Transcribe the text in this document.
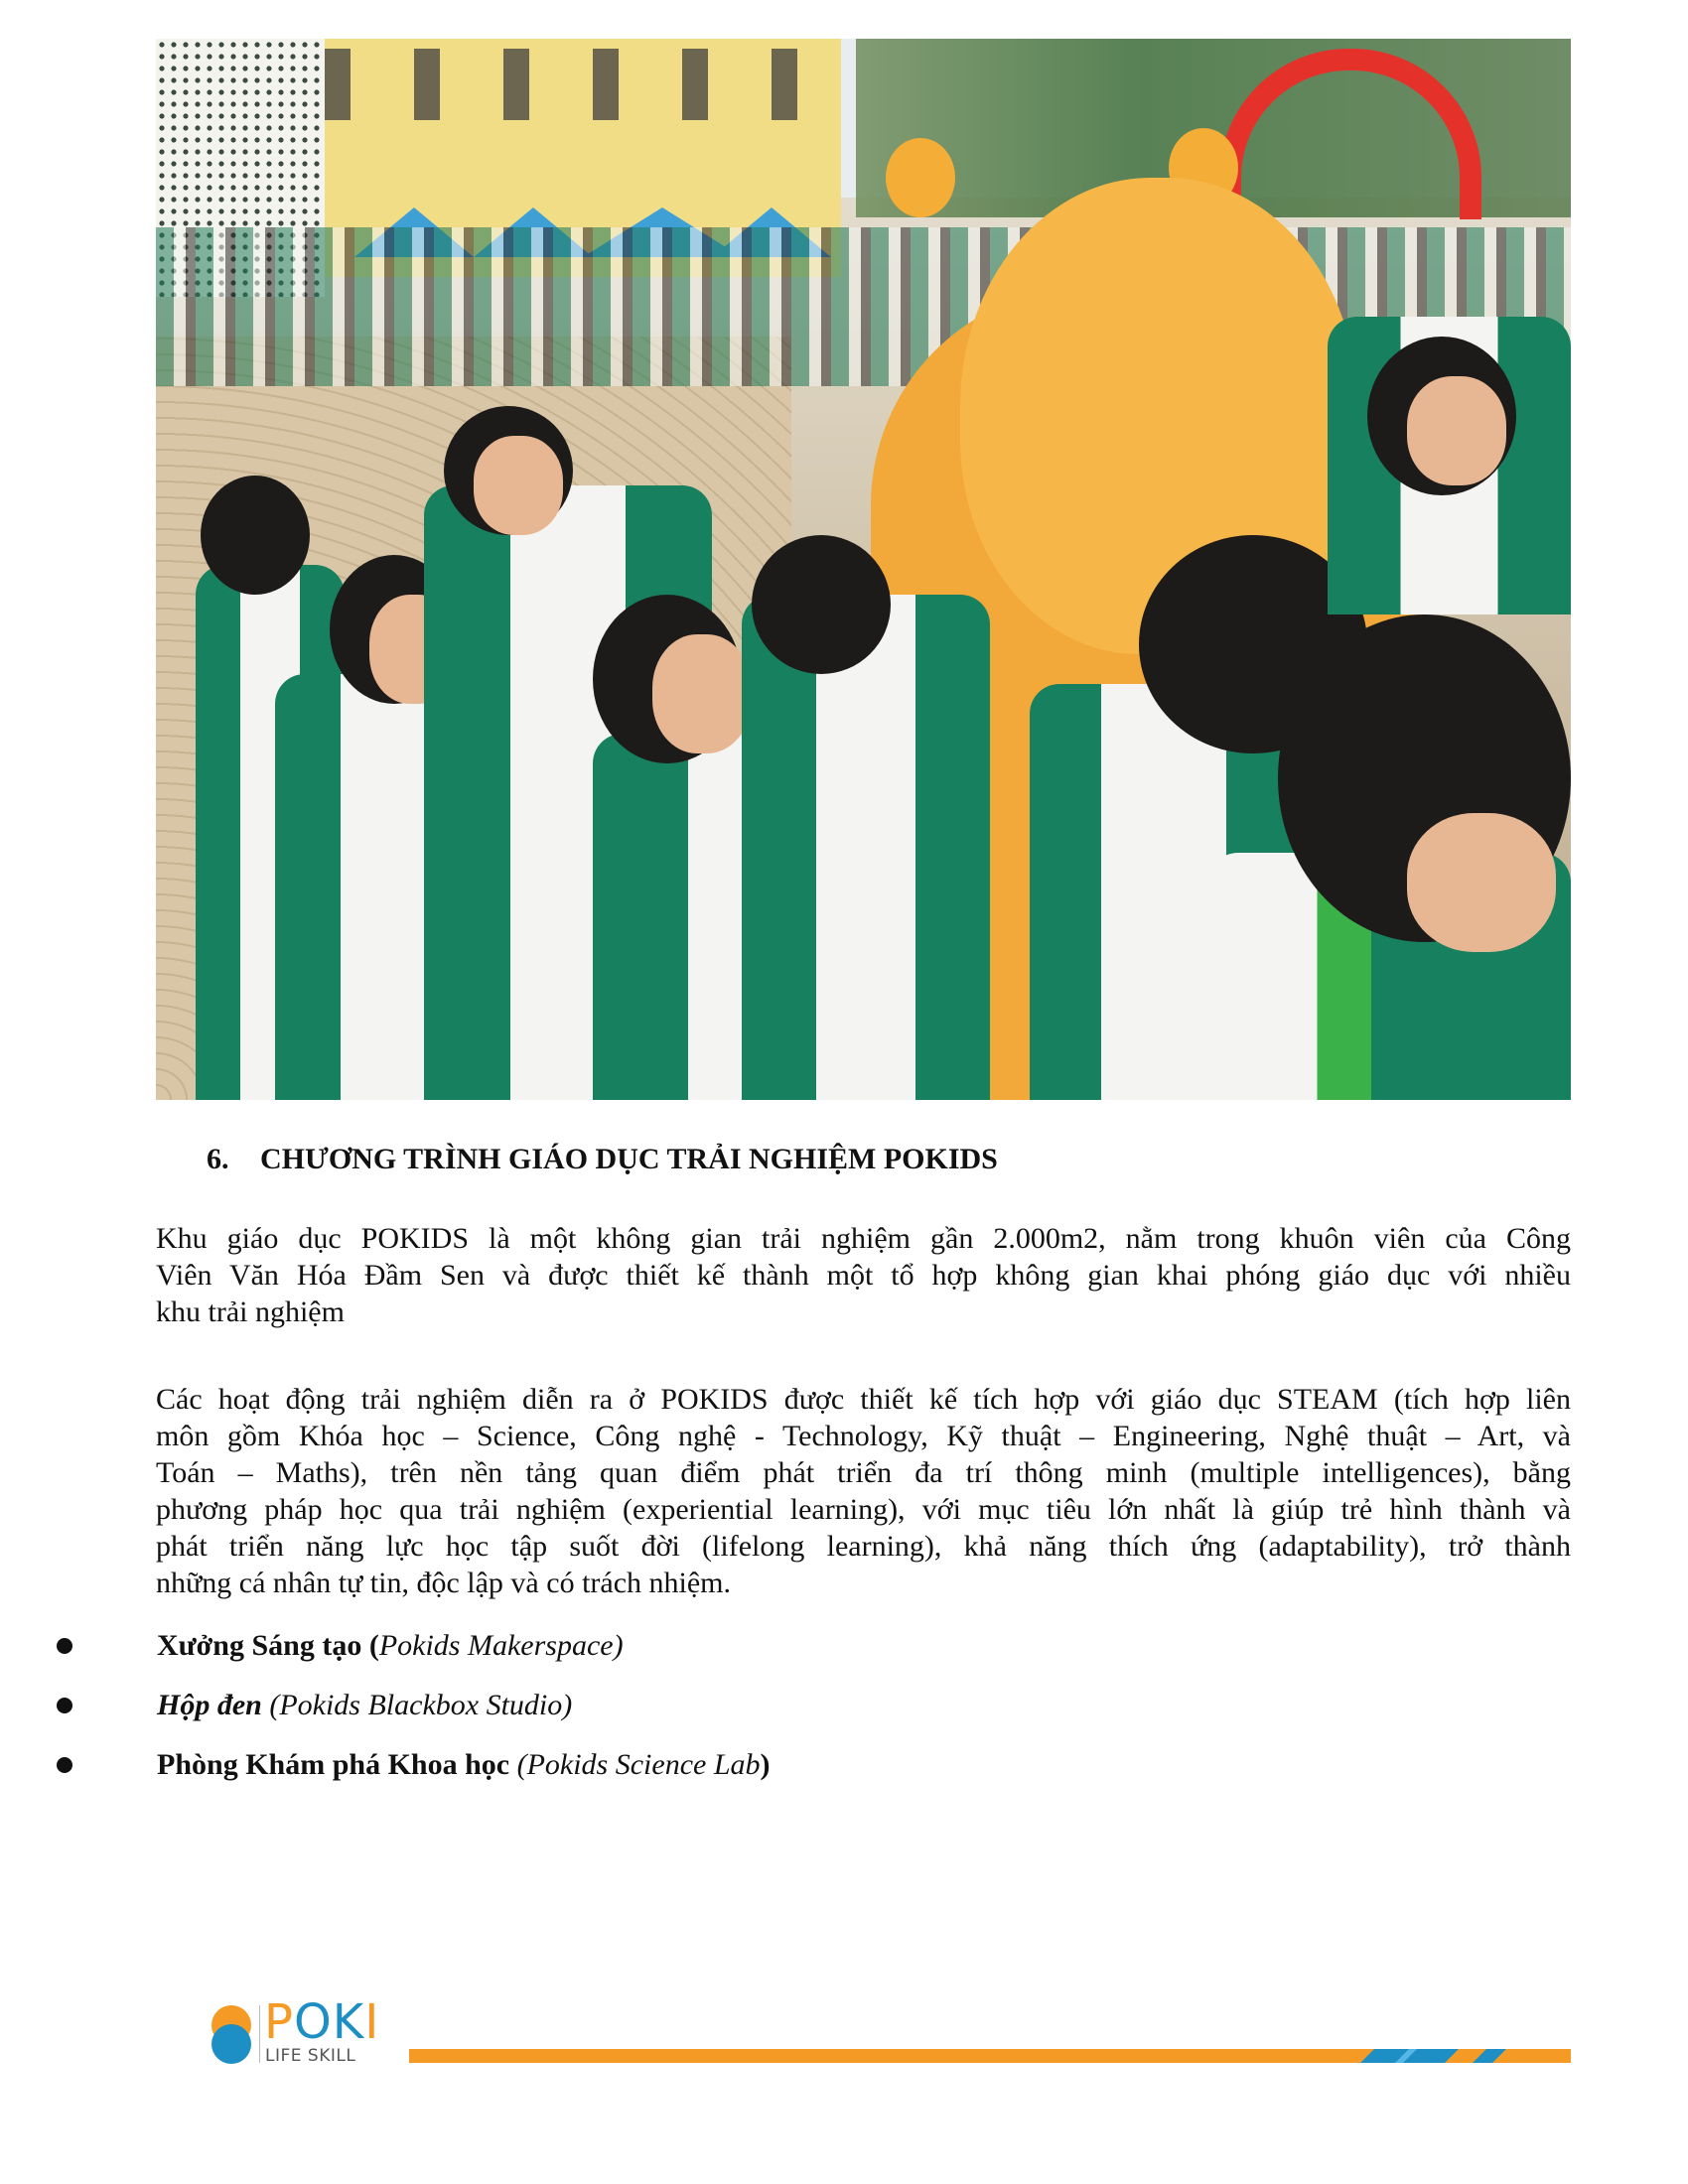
6. CHƯƠNG TRÌNH GIÁO DỤC TRẢI NGHIỆM POKIDS
Khu giáo dục POKIDS là một không gian trải nghiệm gần 2.000m2, nằm trong khuôn viên của Công
Viên Văn Hóa Đầm Sen và được thiết kế thành một tổ hợp không gian khai phóng giáo dục với nhiều
khu trải nghiệm
Các hoạt động trải nghiệm diễn ra ở POKIDS được thiết kế tích hợp với giáo dục STEAM (tích hợp liên
môn gồm Khóa học – Science, Công nghệ - Technology, Kỹ thuật – Engineering, Nghệ thuật – Art, và
Toán – Maths), trên nền tảng quan điểm phát triển đa trí thông minh (multiple intelligences), bằng
phương pháp học qua trải nghiệm (experiential learning), với mục tiêu lớn nhất là giúp trẻ hình thành và
phát triển năng lực học tập suốt đời (lifelong learning), khả năng thích ứng (adaptability), trở thành
những cá nhân tự tin, độc lập và có trách nhiệm.
Xưởng Sáng tạo (Pokids Makerspace)
Hộp đen (Pokids Blackbox Studio)
Phòng Khám phá Khoa học (Pokids Science Lab)
POKI
LIFE SKILL
